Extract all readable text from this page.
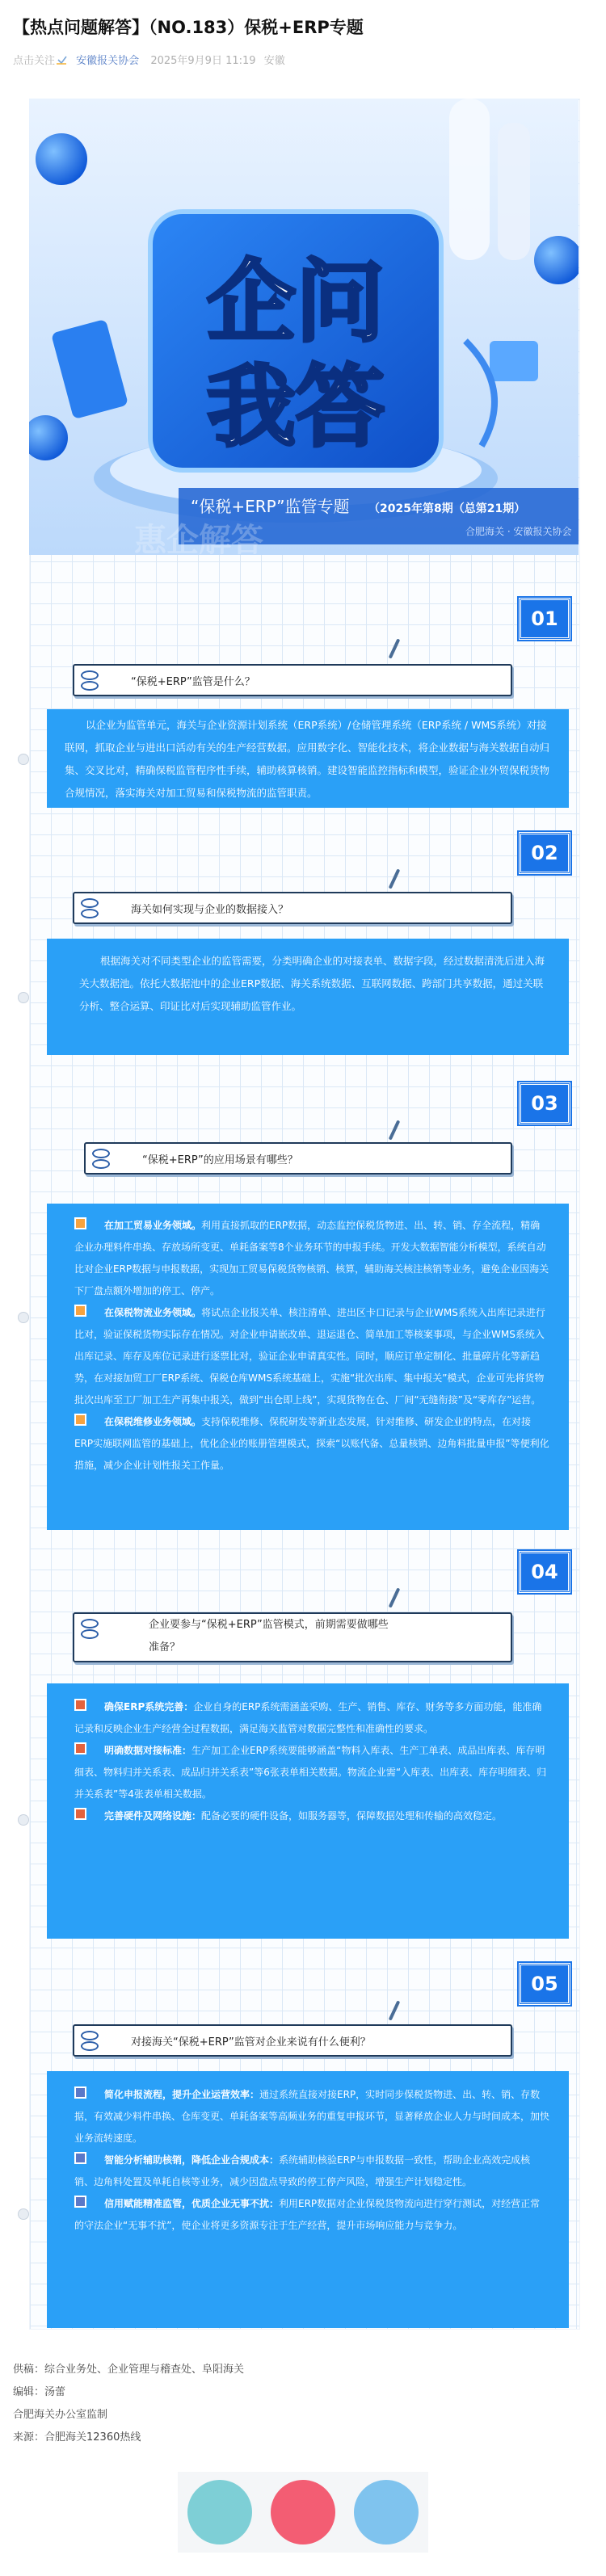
【热点问题解答】（NO.183）保税+ERP专题
点击关注 安徽报关协会 2025年9月9日 11:19 安徽
企问
我答
“保税+ERP”监管专题 （2025年第8期（总第21期）
合肥海关 · 安徽报关协会
惠企解答
01
“保税+ERP”监管是什么？

以企业为监管单元，海关与企业资源计划系统（ERP系统）/仓储管理系统（ERP系统 / WMS系统）对接联网，抓取企业与进出口活动有关的生产经营数据。应用数字化、智能化技术，将企业数据与海关数据自动归集、交叉比对，精确保税监管程序性手续，辅助核算核销。建设智能监控指标和模型，验证企业外贸保税货物合规情况，落实海关对加工贸易和保税物流的监管职责。

02
海关如何实现与企业的数据接入？

根据海关对不同类型企业的监管需要，分类明确企业的对接表单、数据字段，经过数据清洗后进入海关大数据池。依托大数据池中的企业ERP数据、海关系统数据、互联网数据、跨部门共享数据，通过关联分析、整合运算、印证比对后实现辅助监管作业。

03
“保税+ERP”的应用场景有哪些？

在加工贸易业务领域。利用直接抓取的ERP数据，动态监控保税货物进、出、转、销、存全流程，精确企业办理料件串换、存放场所变更、单耗备案等8个业务环节的申报手续。开发大数据智能分析模型，系统自动比对企业ERP数据与申报数据，实现加工贸易保税货物核销、核算，辅助海关核注核销等业务，避免企业因海关下厂盘点额外增加的停工、停产。

在保税物流业务领域。将试点企业报关单、核注清单、进出区卡口记录与企业WMS系统入出库记录进行比对，验证保税货物实际存在情况。对企业申请嵌改单、退运退仓、简单加工等核案事项，与企业WMS系统入出库记录、库存及库位记录进行逐票比对，验证企业申请真实性。同时，顺应订单定制化、批量碎片化等新趋势，在对接加贸工厂ERP系统、保税仓库WMS系统基础上，实施“批次出库、集中报关”模式，企业可先将货物批次出库至工厂加工生产再集中报关，做到“出仓即上线”，实现货物在仓、厂间“无缝衔接”及“零库存”运营。

在保税维修业务领域。支持保税维修、保税研发等新业态发展，针对维修、研发企业的特点，在对接ERP实施联网监管的基础上，优化企业的账册管理模式，探索“以账代备、总量核销、边角料批量申报”等便利化措施，减少企业计划性报关工作量。

04
企业要参与“保税+ERP”监管模式，前期需要做哪些准备？

确保ERP系统完善：企业自身的ERP系统需涵盖采购、生产、销售、库存、财务等多方面功能，能准确记录和反映企业生产经营全过程数据，满足海关监管对数据完整性和准确性的要求。

明确数据对接标准：生产加工企业ERP系统要能够涵盖“物料入库表、生产工单表、成品出库表、库存明细表、物料归并关系表、成品归并关系表”等6张表单相关数据。物流企业需“入库表、出库表、库存明细表、归并关系表”等4张表单相关数据。

完善硬件及网络设施：配备必要的硬件设备，如服务器等，保障数据处理和传输的高效稳定。

05
对接海关“保税+ERP”监管对企业来说有什么便利？

简化申报流程，提升企业运营效率：通过系统直接对接ERP，实时同步保税货物进、出、转、销、存数据，有效减少料件串换、仓库变更、单耗备案等高频业务的重复申报环节，显著释放企业人力与时间成本，加快业务流转速度。

智能分析辅助核销，降低企业合规成本：系统辅助核验ERP与申报数据一致性，帮助企业高效完成核销、边角料处置及单耗自核等业务，减少因盘点导致的停工停产风险，增强生产计划稳定性。

信用赋能精准监管，优质企业无事不扰：利用ERP数据对企业保税货物流向进行穿行测试，对经营正常的守法企业“无事不扰”，使企业将更多资源专注于生产经营，提升市场响应能力与竞争力。

供稿：综合业务处、企业管理与稽查处、阜阳海关
编辑：汤蕾
合肥海关办公室监制
来源：合肥海关12360热线
